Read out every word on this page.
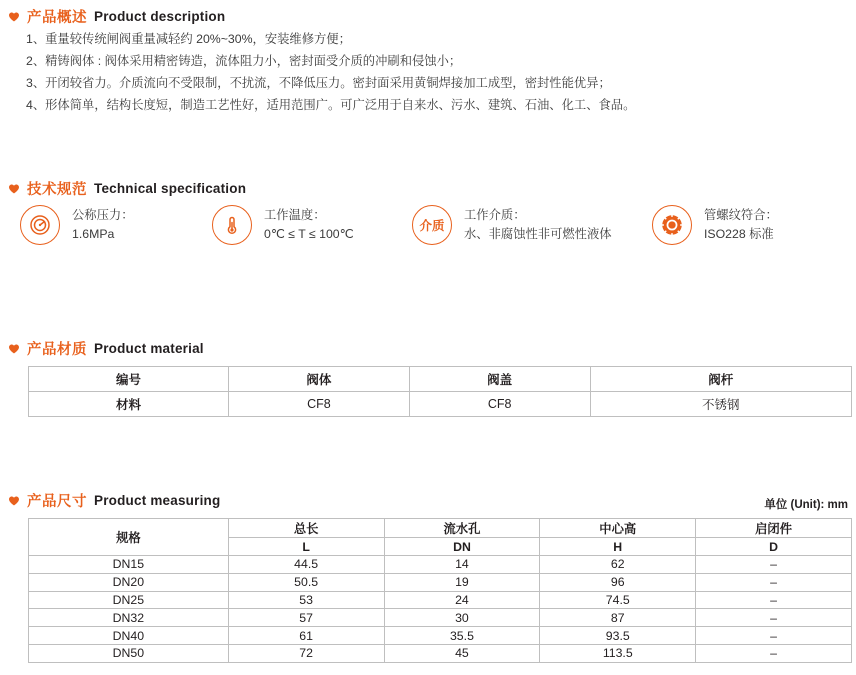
产品概述 Product description
1、重量较传统闸阀重量减轻约 20%~30%，安装维修方便；
2、精铸阀体 : 阀体采用精密铸造，流体阻力小，密封面受介质的冲刷和侵蚀小；
3、开闭较省力。介质流向不受限制，不扰流，不降低压力。密封面采用黄铜焊接加工成型，密封性能优异；
4、形体简单，结构长度短，制造工艺性好，适用范围广。可广泛用于自来水、污水、建筑、石油、化工、食品。
技术规范 Technical specification
公称压力：
1.6MPa
工作温度：
0℃ ≤ T ≤ 100℃
介质
工作介质：
水、非腐蚀性非可燃性液体
管螺纹符合：
ISO228 标准
产品材质 Product material
编号	阀体	阀盖	阀杆
材料	CF8	CF8	不锈钢
产品尺寸 Product measuring	单位 (Unit): mm
规格	总长	流水孔	中心高	启闭件
	L	DN	H	D
DN15	44.5	14	62	–
DN20	50.5	19	96	–
DN25	53	24	74.5	–
DN32	57	30	87	–
DN40	61	35.5	93.5	–
DN50	72	45	113.5	–
